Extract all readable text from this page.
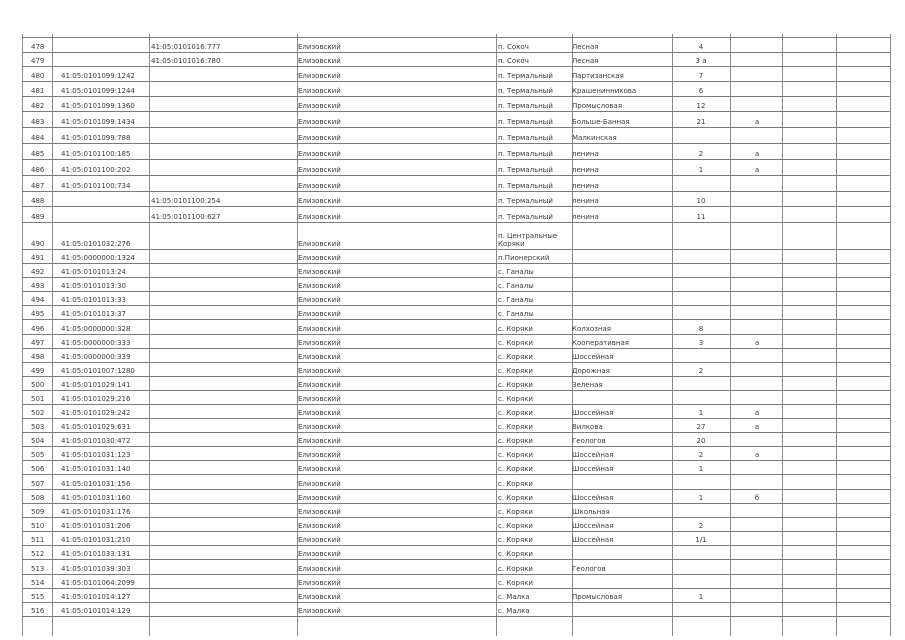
478	41:05:0101016:777	Елизовский	п. Сокоч	Лесная	4
479	41:05:0101016:780	Елизовский	п. Сокоч	Лесная	3 а
480 41:05:0101099:1242	Елизовский	п. Термальный	Партизанская	7
481 41:05:0101099:1244	Елизовский	п. Термальный	Крашенинникова	6
482 41:05:0101099:1360	Елизовский	п. Термальный	Промысловая	12
483 41:05:0101099:1434	Елизовский	п. Термальный	Больше-Банная	21	а
484 41:05:0101099:788	Елизовский	п. Термальный	Малкинская
485 41:05:0101100:185	Елизовский	п. Термальный	ленина	2	а
486 41:05:0101100:202	Елизовский	п. Термальный	ленина	1	а
487 41:05:0101100:734	Елизовский	п. Термальный	ленина
488	41:05:0101100:254	Елизовский	п. Термальный	ленина	10
489	41:05:0101100:627	Елизовский	п. Термальный	ленина	11
490 41:05:0101032:276	Елизовский
п. Центральные Коряки
491 41:05:0000000:1324	Елизовский	п.Пионерский
492 41:05:0101013:24	Елизовский	с. Ганалы
493 41:05:0101013:30	Елизовский	с. Ганалы
494 41:05:0101013:33	Елизовский	с. Ганалы
495 41:05:0101013:37	Елизовский	с. Ганалы
496 41:05:0000000:328	Елизовский	с. Коряки	Колхозная	8
497 41:05:0000000:333	Елизовский	с. Коряки	Кооперативная	3	а
498 41:05:0000000:339	Елизовский	с. Коряки	Шоссейная
499 41:05:0101007:1280	Елизовский	с. Коряки	Дорожная	2
500 41:05:0101029:141	Елизовский	с. Коряки	Зеленая
501 41:05:0101029:216	Елизовский	с. Коряки
502 41:05:0101029:242	Елизовский	с. Коряки	Шоссейная	1	а
503 41:05:0101029:631	Елизовский	с. Коряки	Вилкова	27	а
504 41:05:0101030:472	Елизовский	с. Коряки	Геологов	20
505 41:05:0101031:123	Елизовский	с. Коряки	Шоссейная	2	а
506 41:05:0101031:140	Елизовский	с. Коряки	Шоссейная	1
507 41:05:0101031:156	Елизовский	с. Коряки
508 41:05:0101031:160	Елизовский	с. Коряки	Шоссейная	1	б
509 41:05:0101031:176	Елизовский	с. Коряки	Школьная
510 41:05:0101031:206	Елизовский	с. Коряки	Шоссейная	2
511 41:05:0101031:210	Елизовский	с. Коряки	Шоссейная	1/1
512 41:05:0101033:131	Елизовский	с. Коряки
513 41:05:0101039:303	Елизовский	с. Коряки	Геологов
514 41:05:0101064:2099	Елизовский	с. Коряки
515 41:05:0101014:127	Елизовский	с. Малка	Промысловая	1
516 41:05:0101014:129	Елизовский	с. Малка
